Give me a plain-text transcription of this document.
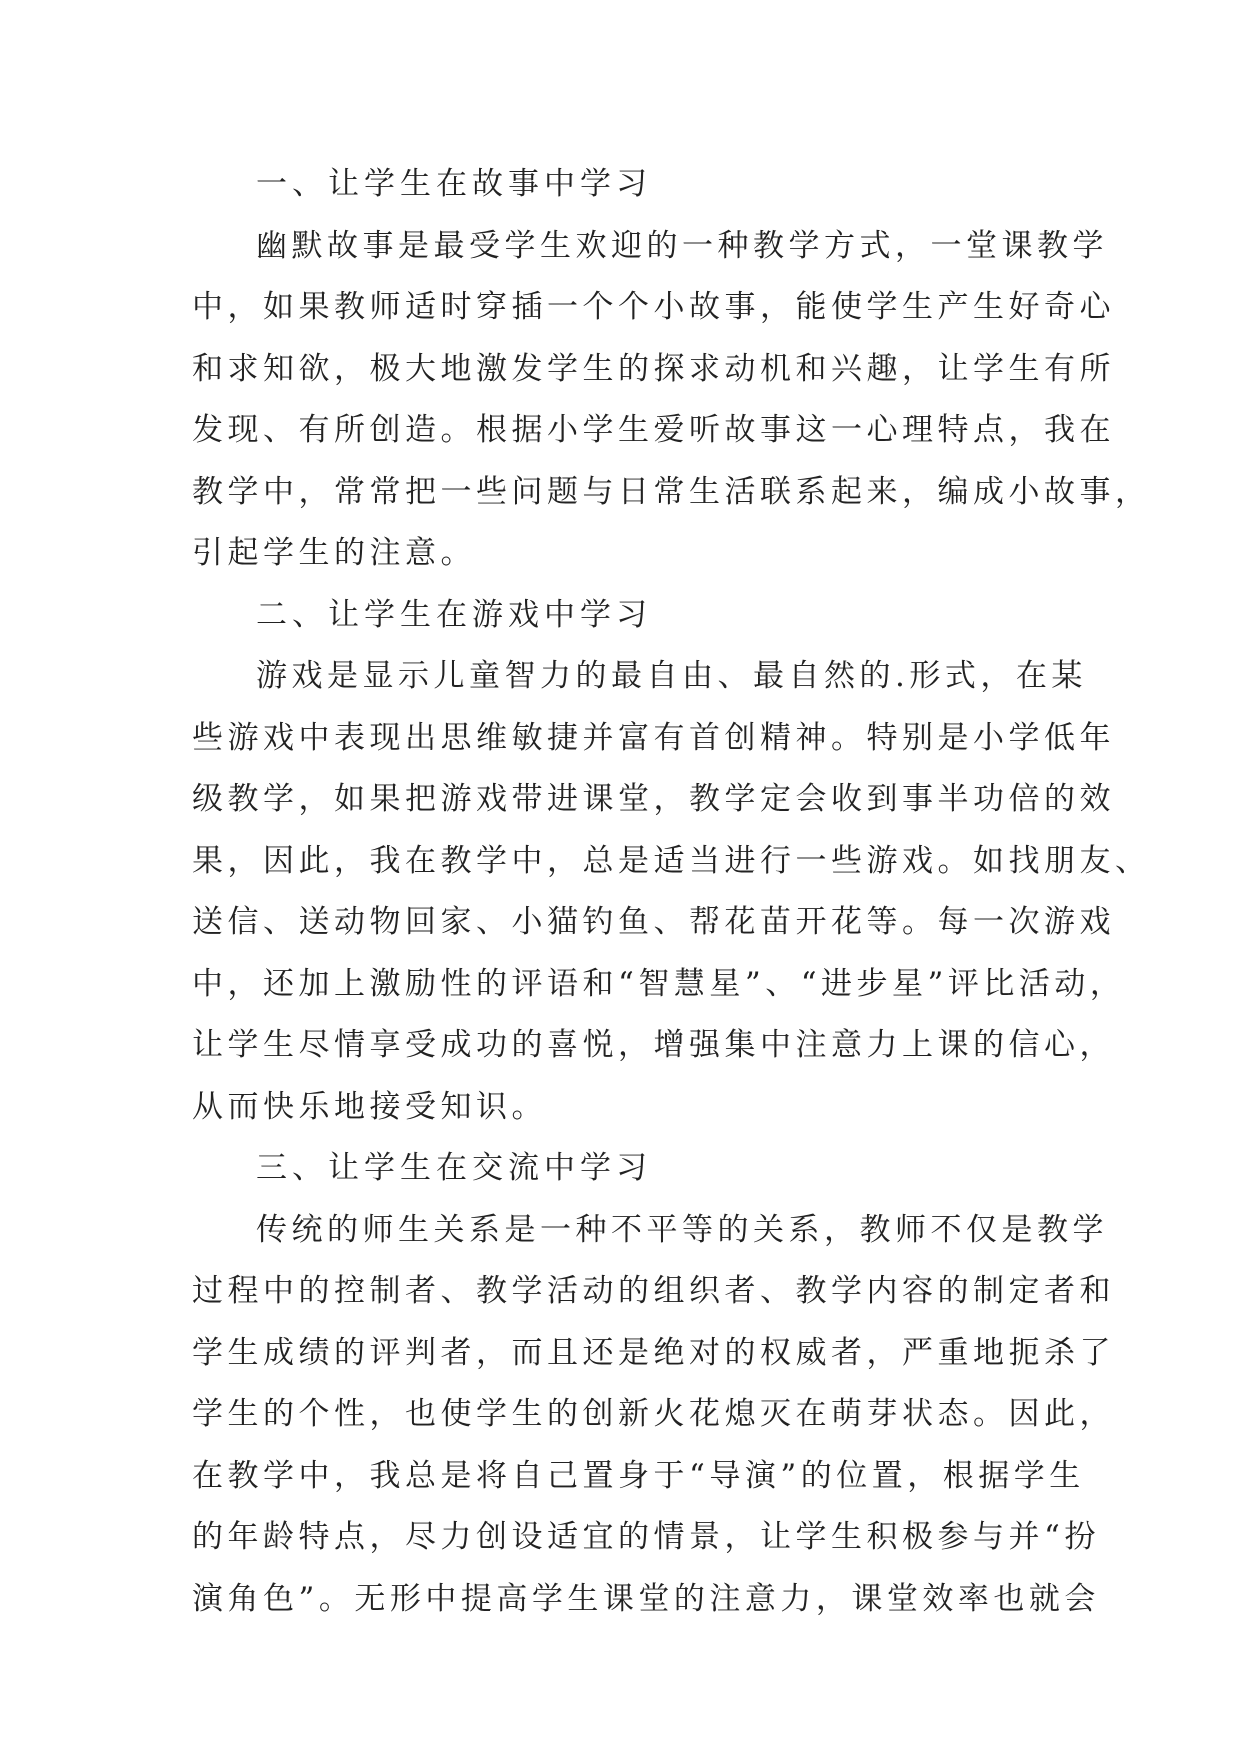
一、让学生在故事中学习
幽默故事是最受学生欢迎的一种教学方式，一堂课教学
中，如果教师适时穿插一个个小故事，能使学生产生好奇心
和求知欲，极大地激发学生的探求动机和兴趣，让学生有所
发现、有所创造。根据小学生爱听故事这一心理特点，我在
教学中，常常把一些问题与日常生活联系起来，编成小故事，
引起学生的注意。
二、让学生在游戏中学习
游戏是显示儿童智力的最自由、最自然的.形式，在某
些游戏中表现出思维敏捷并富有首创精神。特别是小学低年
级教学，如果把游戏带进课堂，教学定会收到事半功倍的效
果，因此，我在教学中，总是适当进行一些游戏。如找朋友、
送信、送动物回家、小猫钓鱼、帮花苗开花等。每一次游戏
中，还加上激励性的评语和“智慧星”、“进步星”评比活动，
让学生尽情享受成功的喜悦，增强集中注意力上课的信心，
从而快乐地接受知识。
三、让学生在交流中学习
传统的师生关系是一种不平等的关系，教师不仅是教学
过程中的控制者、教学活动的组织者、教学内容的制定者和
学生成绩的评判者，而且还是绝对的权威者，严重地扼杀了
学生的个性，也使学生的创新火花熄灭在萌芽状态。因此，
在教学中，我总是将自己置身于“导演”的位置，根据学生
的年龄特点，尽力创设适宜的情景，让学生积极参与并“扮
演角色”。无形中提高学生课堂的注意力，课堂效率也就会
